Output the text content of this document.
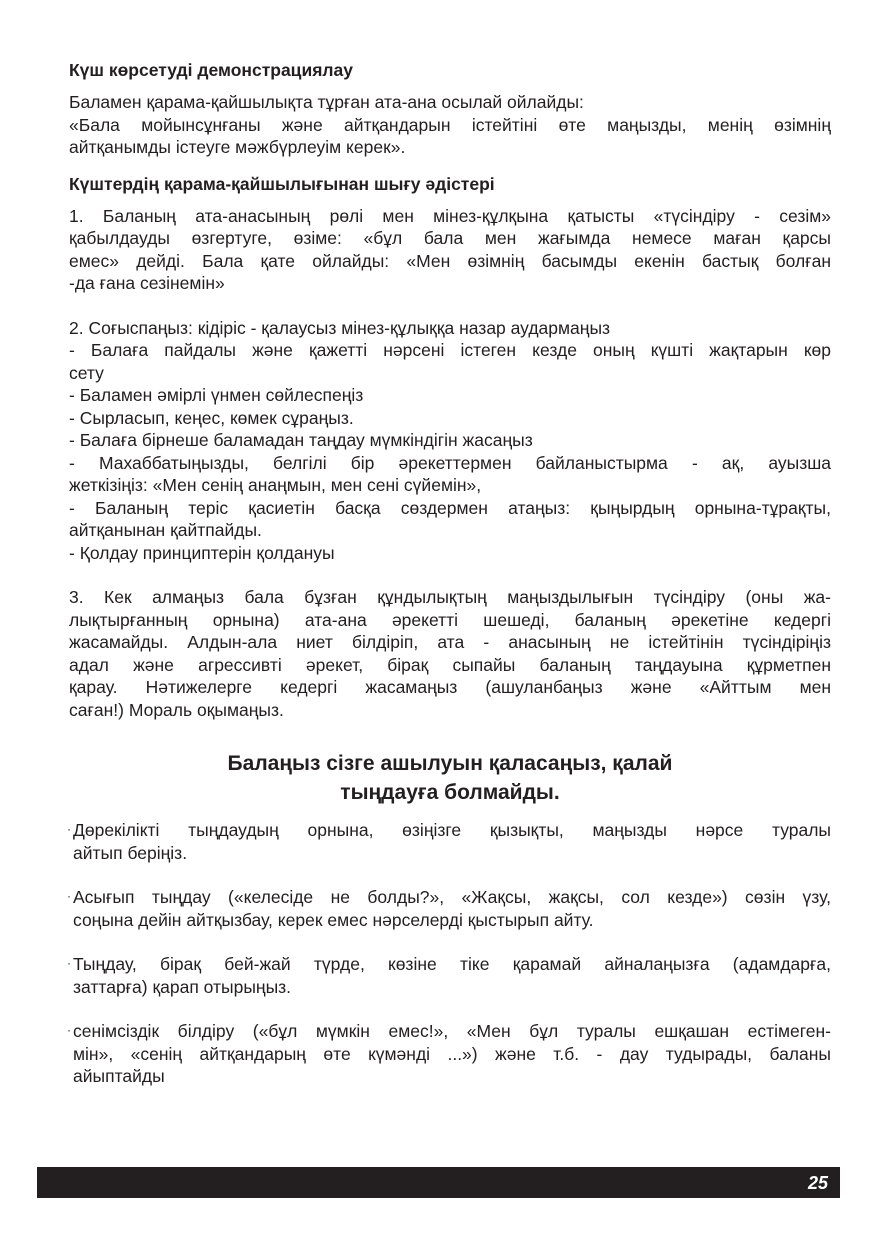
Күш көрсетуді демонстрациялау
Баламен қарама-қайшылықта тұрған ата-ана осылай ойлайды:
«Бала мойынсұнғаны және айтқандарын істейтіні өте маңызды, менің өзімнің
айтқанымды істеуге мәжбүрлеуім керек».
Күштердің қарама-қайшылығынан шығу әдістері
1. Баланың ата-анасының рөлі мен мінез-құлқына қатысты «түсіндіру - сезім»
қабылдауды өзгертуге, өзіме: «бұл бала мен жағымда немесе маған қарсы
емес» дейді. Бала қате ойлайды: «Мен өзімнің басымды екенін бастық болған
-да ғана сезінемін»
2. Соғыспаңыз: кідіріс - қалаусыз мінез-құлыққа назар аудармаңыз
- Балаға пайдалы және қажетті нәрсені істеген кезде оның күшті жақтарын көр
сету
- Баламен әмірлі үнмен сөйлеспеңіз
- Сырласып, кеңес, көмек сұраңыз.
- Балаға бірнеше баламадан таңдау мүмкіндігін жасаңыз
- Махаббатыңызды, белгілі бір әрекеттермен байланыстырма - ақ, ауызша
жеткізіңіз: «Мен сенің анаңмын, мен сені сүйемін»,
- Баланың теріс қасиетін басқа сөздермен атаңыз: қыңырдың орнына-тұрақты,
айтқанынан қайтпайды.
- Қолдау принциптерін қолдануы
3. Кек алмаңыз бала бұзған құндылықтың маңыздылығын түсіндіру (оны жа-
лықтырғанның орнына) ата-ана әрекетті шешеді, баланың әрекетіне кедергі
жасамайды. Алдын-ала ниет білдіріп, ата - анасының не істейтінін түсіндіріңіз
адал және агрессивті әрекет, бірақ сыпайы баланың таңдауына құрметпен
қарау. Нәтижелерге кедергі жасамаңыз (ашуланбаңыз және «Айттым мен
саған!) Мораль оқымаңыз.
Балаңыз сізге ашылуын қаласаңыз, қалай
тыңдауға болмайды.
· Дөрекілікті тыңдаудың орнына, өзіңізге қызықты, маңызды нәрсе туралы
айтып беріңіз.
· Асығып тыңдау («келесіде не болды?», «Жақсы, жақсы, сол кезде») сөзін үзу,
соңына дейін айтқызбау, керек емес нәрселерді қыстырып айту.
· Тыңдау, бірақ бей-жай түрде, көзіне тіке қарамай айналаңызға (адамдарға,
заттарға) қарап отырыңыз.
· сенімсіздік білдіру («бұл мүмкін емес!», «Мен бұл туралы ешқашан естімеген-
мін», «сенің айтқандарың өте күмәнді ...») және т.б. - дау тудырады, баланы
айыптайды
25
